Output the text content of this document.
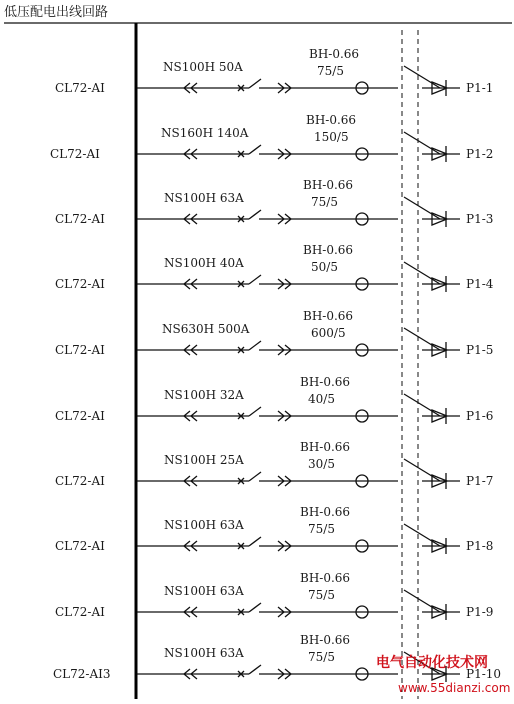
低压配电出线回路
CL72-AI
NS100H 50A
BH-0.66
75/5
P1-1
CL72-AI
NS160H 140A
BH-0.66
150/5
P1-2
CL72-AI
NS100H 63A
BH-0.66
75/5
P1-3
CL72-AI
NS100H 40A
BH-0.66
50/5
P1-4
CL72-AI
NS630H 500A
BH-0.66
600/5
P1-5
CL72-AI
NS100H 32A
BH-0.66
40/5
P1-6
CL72-AI
NS100H 25A
BH-0.66
30/5
P1-7
CL72-AI
NS100H 63A
BH-0.66
75/5
P1-8
CL72-AI
NS100H 63A
BH-0.66
75/5
P1-9
CL72-AI3
NS100H 63A
BH-0.66
75/5
P1-10
电气自动化技术网
www.55dianzi.com
